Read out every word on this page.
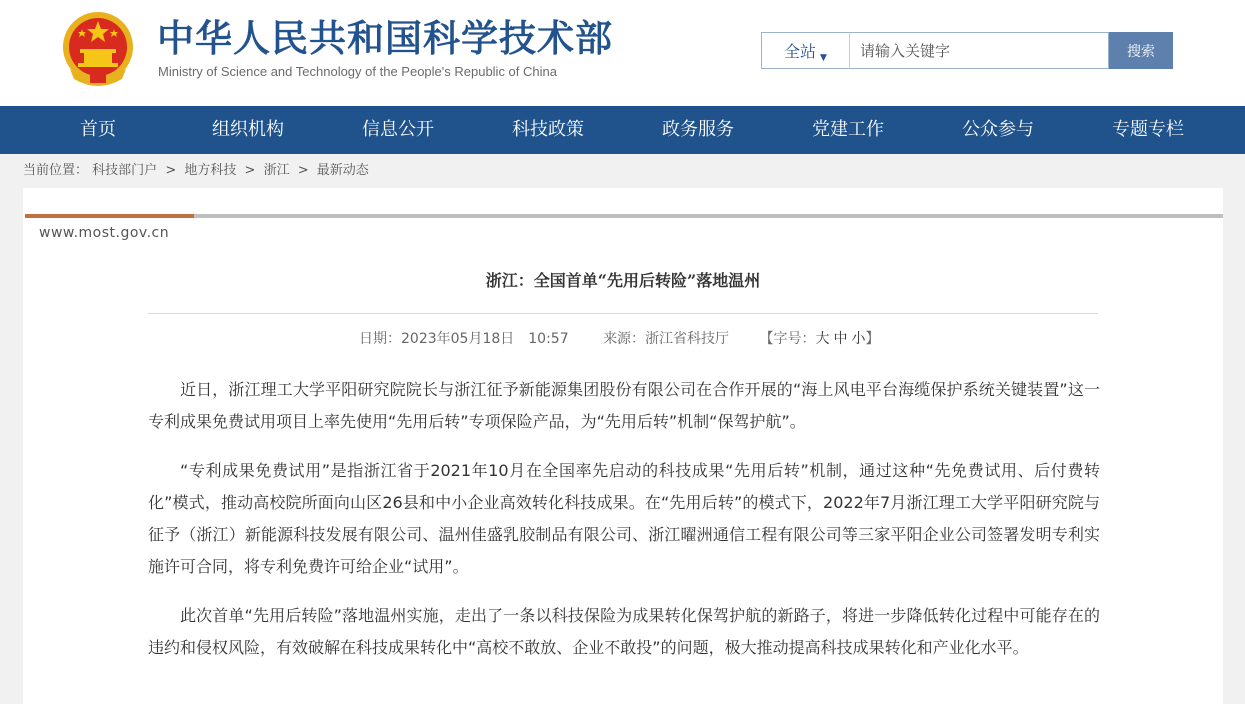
中华人民共和国科学技术部
Ministry of Science and Technology of the People's Republic of China
全站 ▼
请输入关键字	搜索
首页	组织机构	信息公开	科技政策	政务服务	党建工作	公众参与	专题专栏
当前位置： 科技部门户 > 地方科技 > 浙江 > 最新动态
www.most.gov.cn
浙江：全国首单“先用后转险”落地温州
日期：2023年05月18日　10:57 来源：浙江省科技厅 【字号：大 中 小】

近日，浙江理工大学平阳研究院院长与浙江征予新能源集团股份有限公司在合作开展的“海上风电平台海缆保护系统关键装置”这一专利成果免费试用项目上率先使用“先用后转”专项保险产品，为“先用后转”机制“保驾护航”。

“专利成果免费试用”是指浙江省于2021年10月在全国率先启动的科技成果“先用后转”机制，通过这种“先免费试用、后付费转化”模式，推动高校院所面向山区26县和中小企业高效转化科技成果。在“先用后转”的模式下，2022年7月浙江理工大学平阳研究院与征予（浙江）新能源科技发展有限公司、温州佳盛乳胶制品有限公司、浙江曜洲通信工程有限公司等三家平阳企业公司签署发明专利实施许可合同，将专利免费许可给企业“试用”。

此次首单“先用后转险”落地温州实施，走出了一条以科技保险为成果转化保驾护航的新路子，将进一步降低转化过程中可能存在的违约和侵权风险，有效破解在科技成果转化中“高校不敢放、企业不敢投”的问题，极大推动提高科技成果转化和产业化水平。
